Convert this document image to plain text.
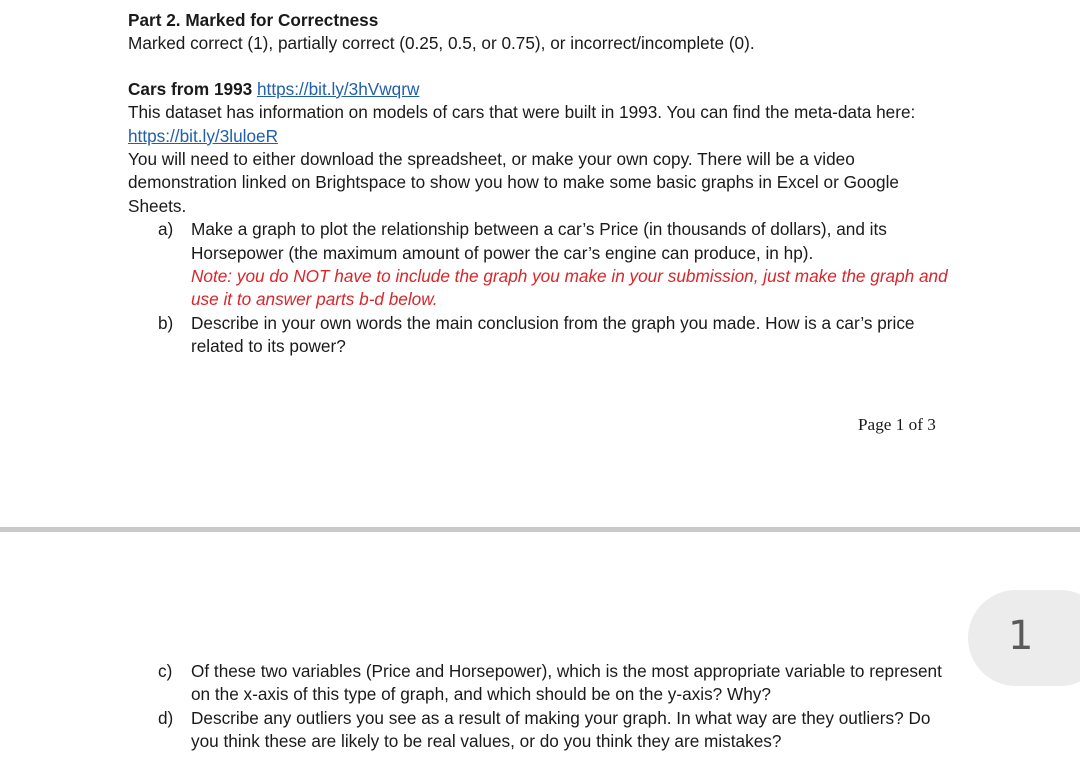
Part 2. Marked for Correctness
Marked correct (1), partially correct (0.25, 0.5, or 0.75), or incorrect/incomplete (0).
Cars from 1993 https://bit.ly/3hVwqrw
This dataset has information on models of cars that were built in 1993. You can find the meta-data here: https://bit.ly/3luloeR
You will need to either download the spreadsheet, or make your own copy. There will be a video demonstration linked on Brightspace to show you how to make some basic graphs in Excel or Google Sheets.
a) Make a graph to plot the relationship between a car’s Price (in thousands of dollars), and its Horsepower (the maximum amount of power the car’s engine can produce, in hp).
Note: you do NOT have to include the graph you make in your submission, just make the graph and use it to answer parts b-d below.
b) Describe in your own words the main conclusion from the graph you made. How is a car’s price related to its power?
Page 1 of 3
c) Of these two variables (Price and Horsepower), which is the most appropriate variable to represent on the x-axis of this type of graph, and which should be on the y-axis? Why?
d) Describe any outliers you see as a result of making your graph. In what way are they outliers? Do you think these are likely to be real values, or do you think they are mistakes?
1
